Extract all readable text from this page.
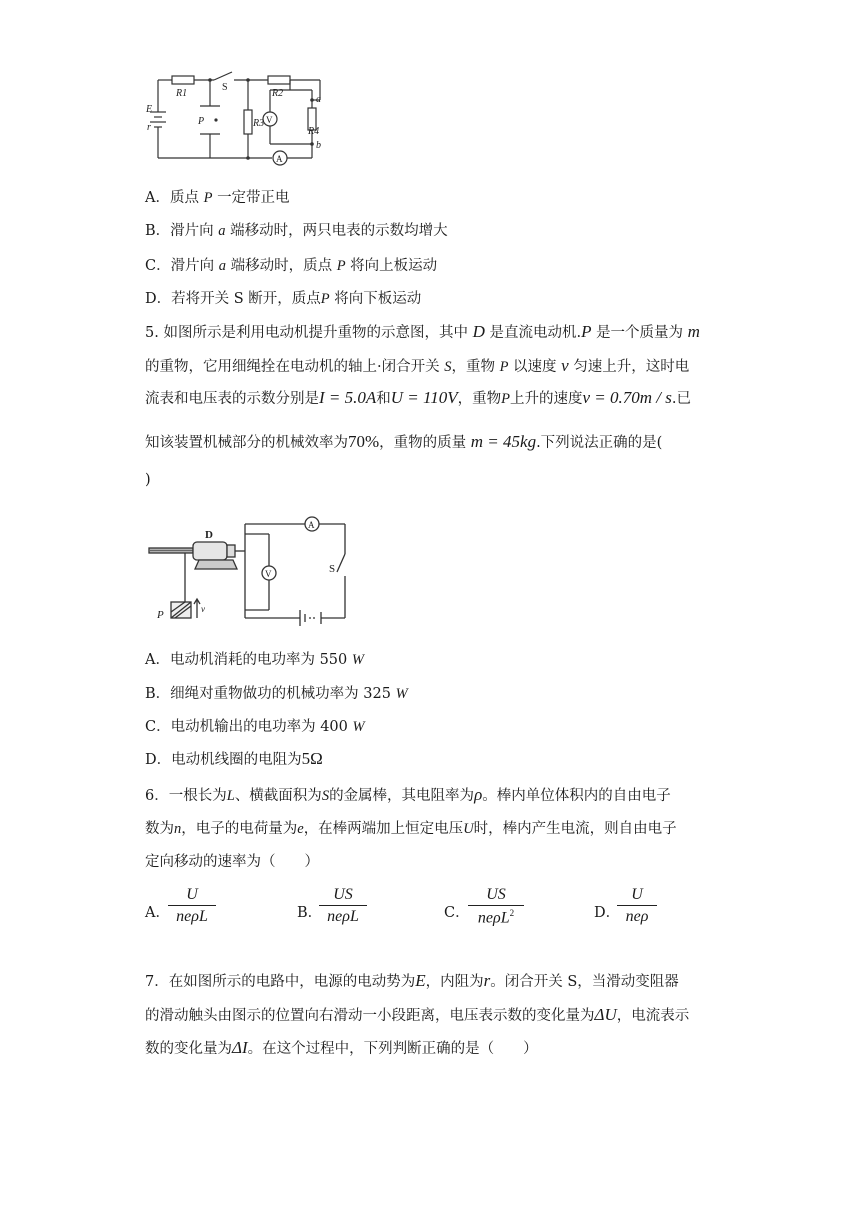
E
r
R1
S
R2
P	R3
R4
a
b
V
A
A．质点 P 一定带正电
B．滑片向 a 端移动时，两只电表的示数均增大
C．滑片向 a 端移动时，质点 P 将向上板运动
D．若将开关 S 断开，质点P 将向下板运动
5. 如图所示是利用电动机提升重物的示意图，其中 D 是直流电动机.P 是一个质量为 m
的重物，它用细绳拴在电动机的轴上·闭合开关 S，重物 P 以速度 v 匀速上升，这时电
流表和电压表的示数分别是I = 5.0A和U = 110V，重物P上升的速度v = 0.70m / s.已
知该装置机械部分的机械效率为70%，重物的质量 m = 45kg.下列说法正确的是(
)
D
A
V	S
P	v
A．电动机消耗的电功率为 550 W
B．细绳对重物做功的机械功率为 325 W
C．电动机输出的电功率为 400 W
D．电动机线圈的电阻为5Ω
6．一根长为L、横截面积为S的金属棒，其电阻率为ρ。棒内单位体积内的自由电子
数为n，电子的电荷量为e，在棒两端加上恒定电压U时，棒内产生电流，则自由电子
定向移动的速率为（　　）
A．
U
neρL	B．
US
neρL	C．
US
neρL$^2$	D．
U
neρ
7．在如图所示的电路中，电源的电动势为E，内阻为r。闭合开关 S，当滑动变阻器
的滑动触头由图示的位置向右滑动一小段距离，电压表示数的变化量为ΔU，电流表示
数的变化量为ΔI。在这个过程中，下列判断正确的是（　　）
